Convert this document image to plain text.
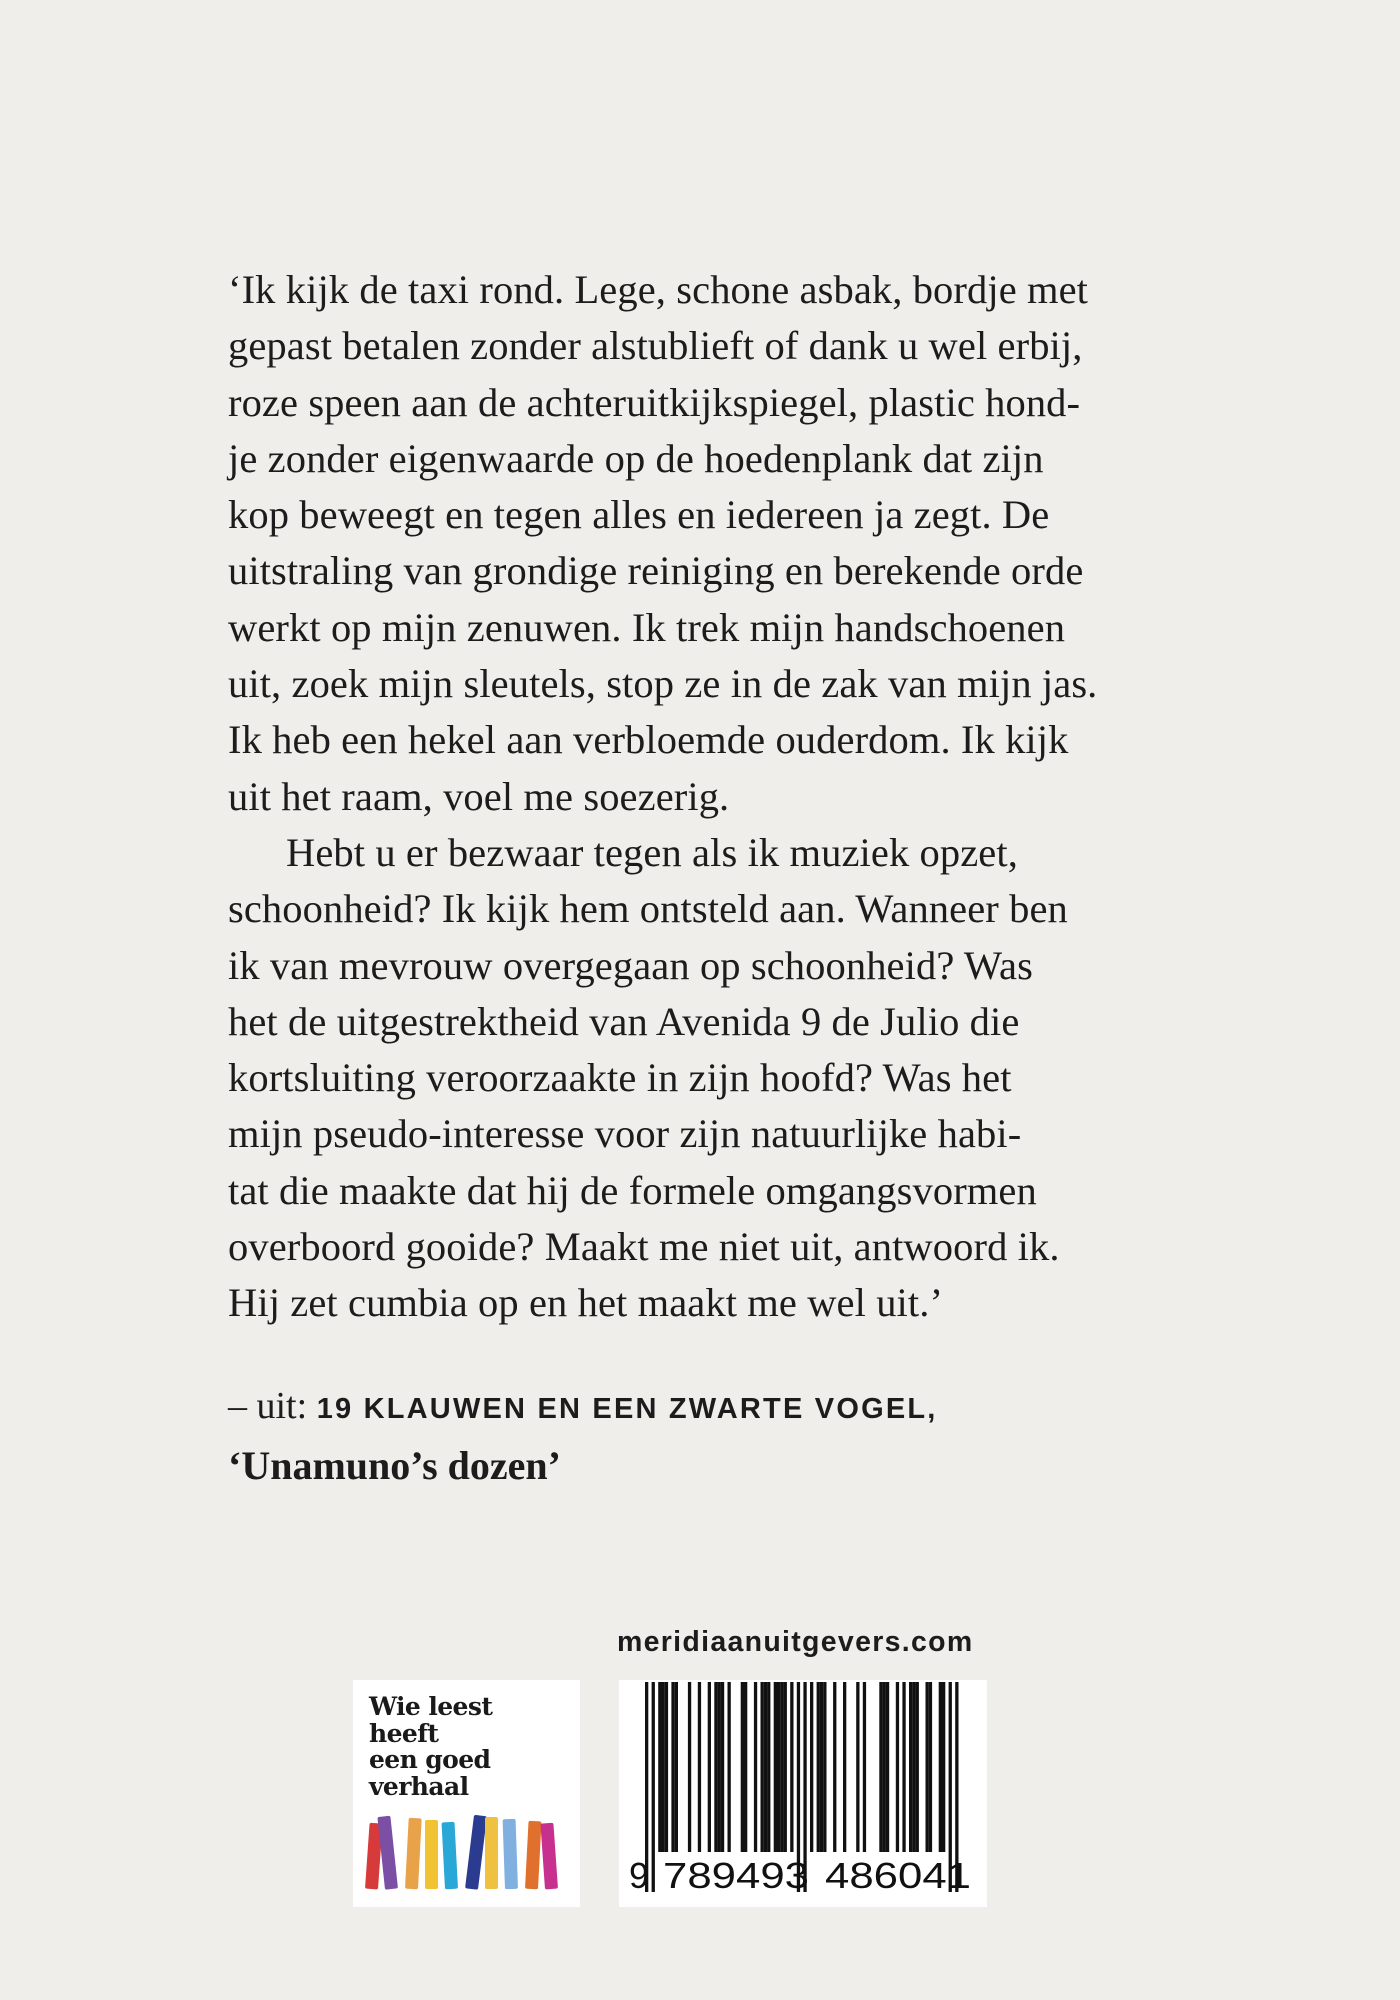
‘Ik kijk de taxi rond. Lege, schone asbak, bordje met
gepast betalen zonder alstublieft of dank u wel erbij,
roze speen aan de achteruitkijkspiegel, plastic hond-
je zonder eigenwaarde op de hoedenplank dat zijn
kop beweegt en tegen alles en iedereen ja zegt. De
uitstraling van grondige reiniging en berekende orde
werkt op mijn zenuwen. Ik trek mijn handschoenen
uit, zoek mijn sleutels, stop ze in de zak van mijn jas.
Ik heb een hekel aan verbloemde ouderdom. Ik kijk
uit het raam, voel me soezerig.
Hebt u er bezwaar tegen als ik muziek opzet,
schoonheid? Ik kijk hem ontsteld aan. Wanneer ben
ik van mevrouw overgegaan op schoonheid? Was
het de uitgestrektheid van Avenida 9 de Julio die
kortsluiting veroorzaakte in zijn hoofd? Was het
mijn pseudo-interesse voor zijn natuurlijke habi-
tat die maakte dat hij de formele omgangsvormen
overboord gooide? Maakt me niet uit, antwoord ik.
Hij zet cumbia op en het maakt me wel uit.’
– uit: 19 KLAUWEN EN EEN ZWARTE VOGEL,
‘Unamuno’s dozen’
meridiaanuitgevers.com
Wie leest
heeft
een goed
verhaal
9 789493 486041
